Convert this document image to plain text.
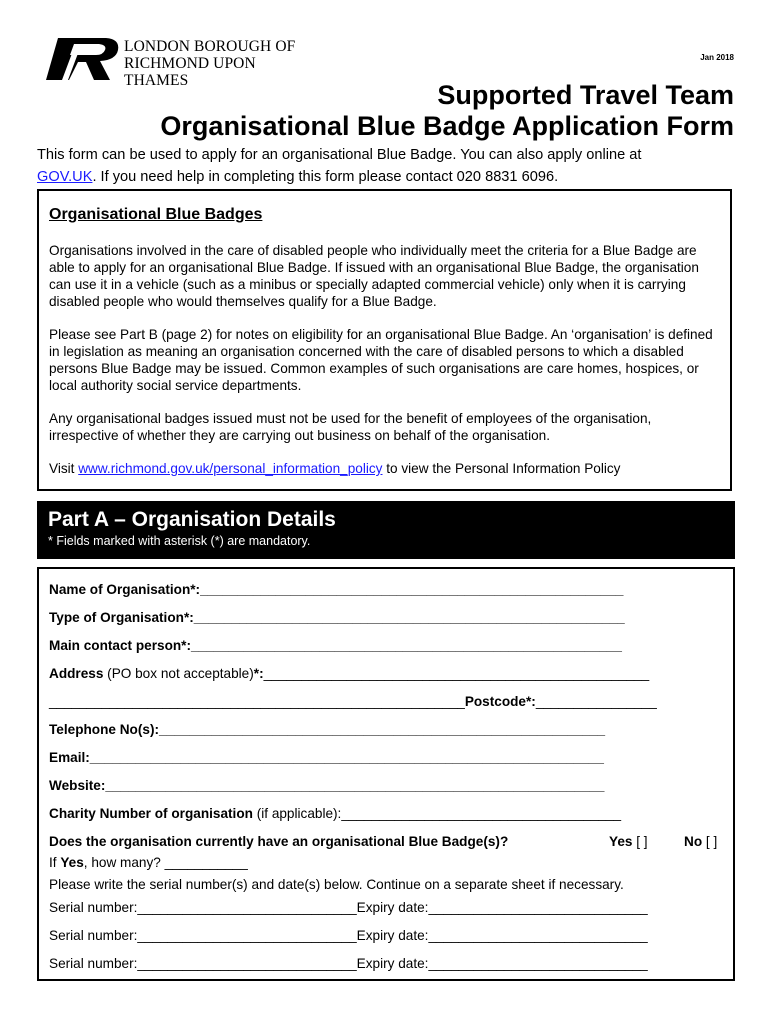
LONDON BOROUGH OF
RICHMOND UPON THAMES
Jan 2018
Supported Travel Team
Organisational Blue Badge Application Form
This form can be used to apply for an organisational Blue Badge. You can also apply online at
GOV.UK. If you need help in completing this form please contact 020 8831 6096.
Organisational Blue Badges

Organisations involved in the care of disabled people who individually meet the criteria for a Blue Badge are able to apply for an organisational Blue Badge. If issued with an organisational Blue Badge, the organisation can use it in a vehicle (such as a minibus or specially adapted commercial vehicle) only when it is carrying disabled people who would themselves qualify for a Blue Badge.

Please see Part B (page 2) for notes on eligibility for an organisational Blue Badge. An ‘organisation’ is defined in legislation as meaning an organisation concerned with the care of disabled persons to which a disabled persons Blue Badge may be issued. Common examples of such organisations are care homes, hospices, or local authority social service departments.

Any organisational badges issued must not be used for the benefit of employees of the organisation, irrespective of whether they are carrying out business on behalf of the organisation.

Visit www.richmond.gov.uk/personal_information_policy to view the Personal Information Policy

Part A – Organisation Details
* Fields marked with asterisk (*) are mandatory.
Name of Organisation*:________________________________________________________
Type of Organisation*:_________________________________________________________
Main contact person*:_________________________________________________________
Address (PO box not acceptable)*:___________________________________________________
_______________________________________________________Postcode*:________________
Telephone No(s):___________________________________________________________
Email:____________________________________________________________________
Website:__________________________________________________________________
Charity Number of organisation (if applicable):_____________________________________
Does the organisation currently have an organisational Blue Badge(s)?	Yes [ ]	No [ ]
If Yes, how many? ___________
Please write the serial number(s) and date(s) below. Continue on a separate sheet if necessary.
Serial number:_____________________________Expiry date:_____________________________
Serial number:_____________________________Expiry date:_____________________________
Serial number:_____________________________Expiry date:_____________________________
